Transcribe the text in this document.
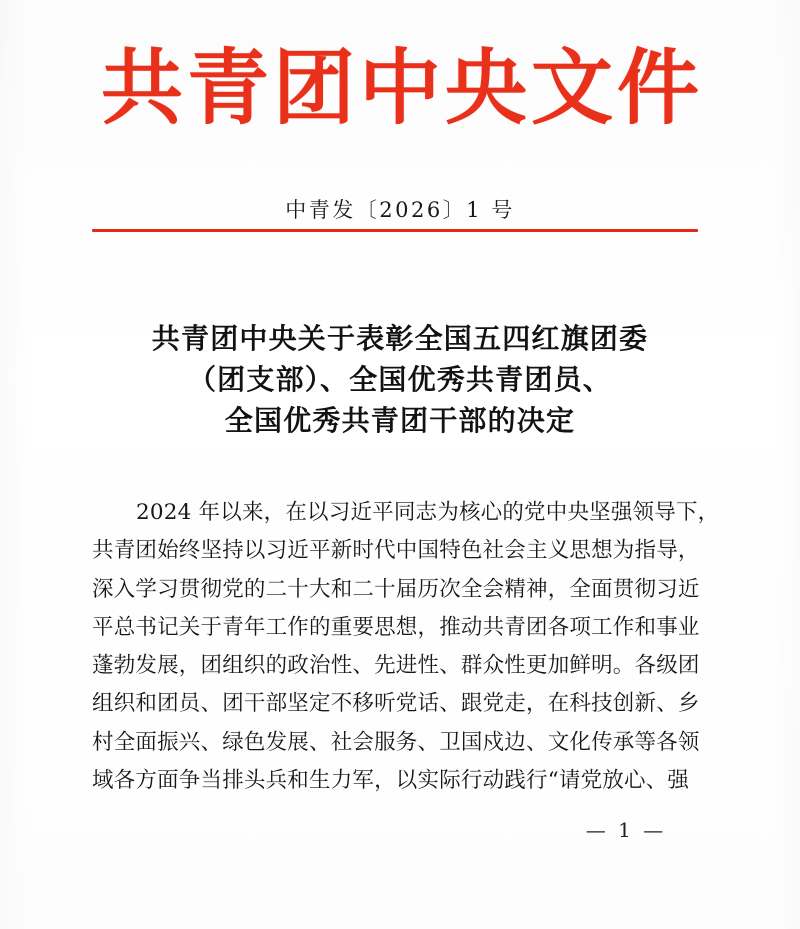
共青团中央文件
中青发〔2026〕1 号
共青团中央关于表彰全国五四红旗团委
（团支部）、全国优秀共青团员、
全国优秀共青团干部的决定
2024 年以来，在以习近平同志为核心的党中央坚强领导下，
共青团始终坚持以习近平新时代中国特色社会主义思想为指导，
深入学习贯彻党的二十大和二十届历次全会精神，全面贯彻习近
平总书记关于青年工作的重要思想，推动共青团各项工作和事业
蓬勃发展，团组织的政治性、先进性、群众性更加鲜明。各级团
组织和团员、团干部坚定不移听党话、跟党走，在科技创新、乡
村全面振兴、绿色发展、社会服务、卫国戍边、文化传承等各领
域各方面争当排头兵和生力军，以实际行动践行“请党放心、强
— 1 —
